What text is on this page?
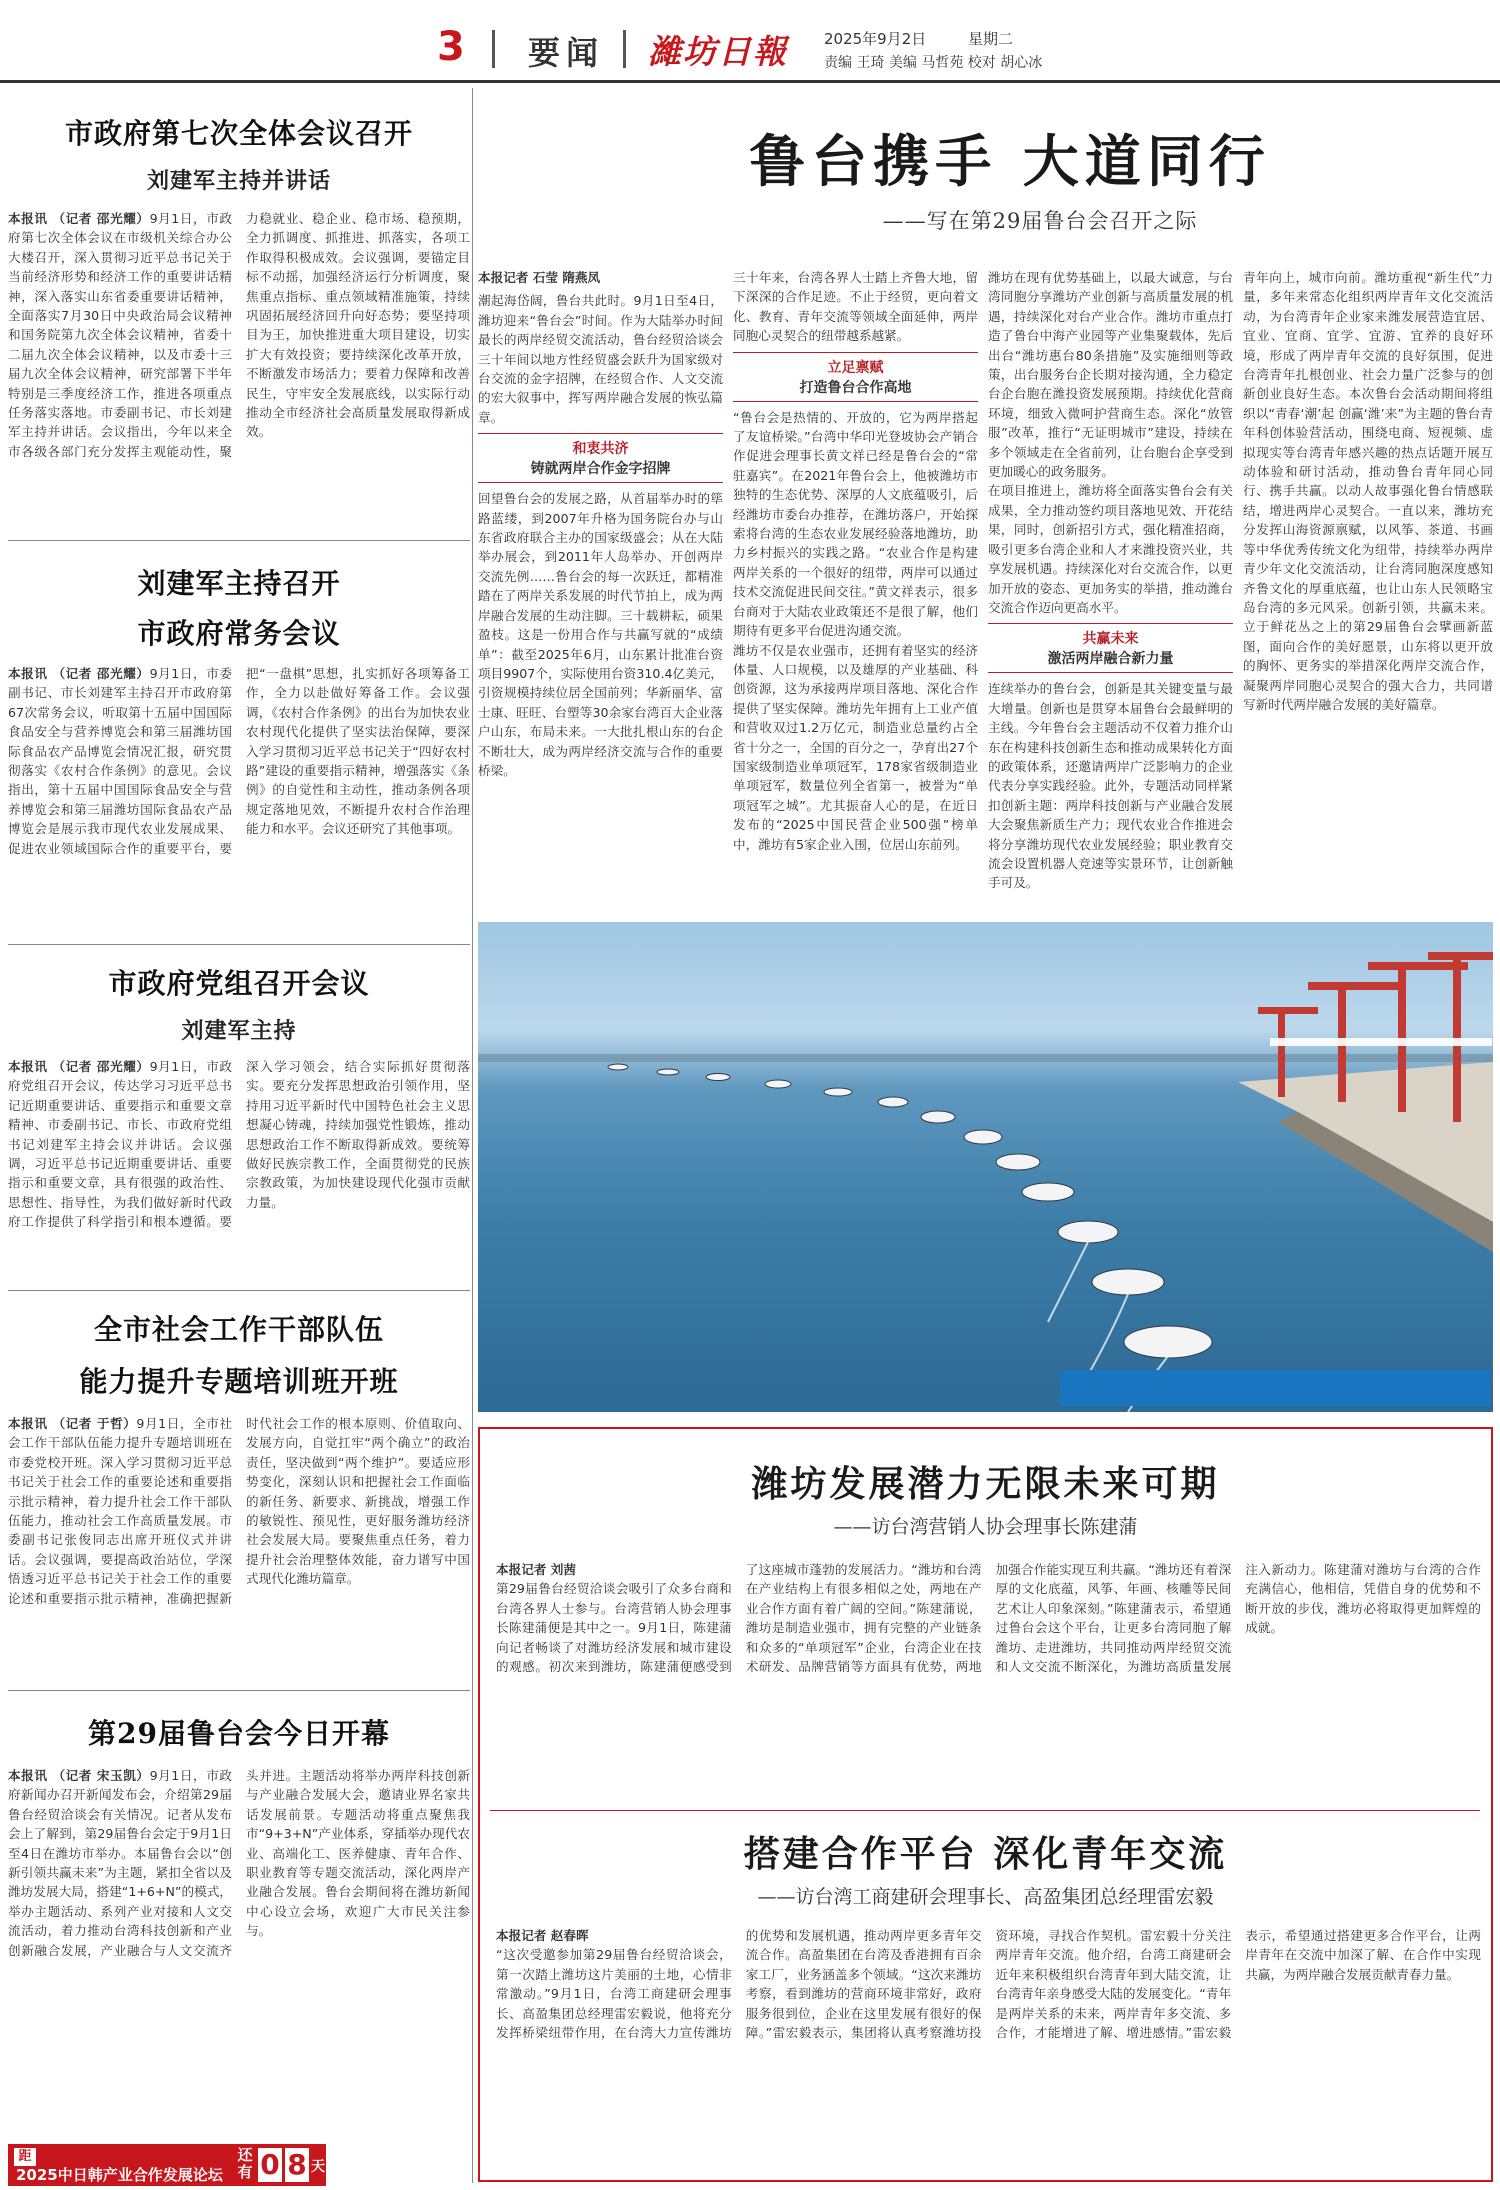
3 要闻 濰坊日報 2025年9月2日	星期二
责编 王琦 美编 马哲苑 校对 胡心冰
市政府第七次全体会议召开
刘建军主持并讲话
本报讯 （记者 邵光耀）9月1日，市政府第七次全体会议在市级机关综合办公大楼召开，深入贯彻习近平总书记关于当前经济形势和经济工作的重要讲话精神，深入落实山东省委重要讲话精神，全面落实7月30日中央政治局会议精神和国务院第九次全体会议精神，省委十二届九次全体会议精神，以及市委十三届九次全体会议精神，研究部署下半年特别是三季度经济工作，推进各项重点任务落实落地。市委副书记、市长刘建军主持并讲话。会议指出，今年以来全市各级各部门充分发挥主观能动性，聚力稳就业、稳企业、稳市场、稳预期，全力抓调度、抓推进、抓落实，各项工作取得积极成效。会议强调，要锚定目标不动摇，加强经济运行分析调度，聚焦重点指标、重点领域精准施策，持续巩固拓展经济回升向好态势；要坚持项目为王，加快推进重大项目建设，切实扩大有效投资；要持续深化改革开放，不断激发市场活力；要着力保障和改善民生，守牢安全发展底线，以实际行动推动全市经济社会高质量发展取得新成效。
刘建军主持召开
市政府常务会议
本报讯 （记者 邵光耀）9月1日，市委副书记、市长刘建军主持召开市政府第67次常务会议，听取第十五届中国国际食品安全与营养博览会和第三届潍坊国际食品农产品博览会情况汇报，研究贯彻落实《农村合作条例》的意见。会议指出，第十五届中国国际食品安全与营养博览会和第三届潍坊国际食品农产品博览会是展示我市现代农业发展成果、促进农业领域国际合作的重要平台，要把“一盘棋”思想，扎实抓好各项筹备工作，全力以赴做好筹备工作。会议强调，《农村合作条例》的出台为加快农业农村现代化提供了坚实法治保障，要深入学习贯彻习近平总书记关于“四好农村路”建设的重要指示精神，增强落实《条例》的自觉性和主动性，推动条例各项规定落地见效，不断提升农村合作治理能力和水平。会议还研究了其他事项。
市政府党组召开会议
刘建军主持
本报讯 （记者 邵光耀）9月1日，市政府党组召开会议，传达学习习近平总书记近期重要讲话、重要指示和重要文章精神、市委副书记、市长、市政府党组书记刘建军主持会议并讲话。会议强调，习近平总书记近期重要讲话、重要指示和重要文章，具有很强的政治性、思想性、指导性，为我们做好新时代政府工作提供了科学指引和根本遵循。要深入学习领会，结合实际抓好贯彻落实。要充分发挥思想政治引领作用，坚持用习近平新时代中国特色社会主义思想凝心铸魂，持续加强党性锻炼，推动思想政治工作不断取得新成效。要统筹做好民族宗教工作，全面贯彻党的民族宗教政策，为加快建设现代化强市贡献力量。
全市社会工作干部队伍
能力提升专题培训班开班
本报讯 （记者 于哲）9月1日，全市社会工作干部队伍能力提升专题培训班在市委党校开班。深入学习贯彻习近平总书记关于社会工作的重要论述和重要指示批示精神，着力提升社会工作干部队伍能力，推动社会工作高质量发展。市委副书记张俊同志出席开班仪式并讲话。会议强调，要提高政治站位，学深悟透习近平总书记关于社会工作的重要论述和重要指示批示精神，准确把握新时代社会工作的根本原则、价值取向、发展方向，自觉扛牢“两个确立”的政治责任，坚决做到“两个维护”。要适应形势变化，深刻认识和把握社会工作面临的新任务、新要求、新挑战，增强工作的敏锐性、预见性，更好服务潍坊经济社会发展大局。要聚焦重点任务，着力提升社会治理整体效能，奋力谱写中国式现代化潍坊篇章。
第29届鲁台会今日开幕
本报讯 （记者 宋玉凯）9月1日，市政府新闻办召开新闻发布会，介绍第29届鲁台经贸洽谈会有关情况。记者从发布会上了解到，第29届鲁台会定于9月1日至4日在潍坊市举办。本届鲁台会以“创新引领共赢未来”为主题，紧扣全省以及潍坊发展大局，搭建“1+6+N”的模式，举办主题活动、系列产业对接和人文交流活动，着力推动台湾科技创新和产业创新融合发展，产业融合与人文交流齐头并进。主题活动将举办两岸科技创新与产业融合发展大会，邀请业界名家共话发展前景。专题活动将重点聚焦我市“9+3+N”产业体系，穿插举办现代农业、高端化工、医养健康、青年合作、职业教育等专题交流活动，深化两岸产业融合发展。鲁台会期间将在潍坊新闻中心设立会场，欢迎广大市民关注参与。
距
2025中日韩产业合作发展论坛
还有 0 8 天
鲁台携手 大道同行
——写在第29届鲁台会召开之际
本报记者 石莹 隋燕凤
潮起海岱阔，鲁台共此时。9月1日至4日，潍坊迎来“鲁台会”时间。作为大陆举办时间最长的两岸经贸交流活动，鲁台经贸洽谈会三十年间以地方性经贸盛会跃升为国家级对台交流的金字招牌，在经贸合作、人文交流的宏大叙事中，挥写两岸融合发展的恢弘篇章。
和衷共济
铸就两岸合作金字招牌
回望鲁台会的发展之路，从首届举办时的筚路蓝缕，到2007年升格为国务院台办与山东省政府联合主办的国家级盛会；从在大陆举办展会，到2011年人岛举办、开创两岸交流先例……鲁台会的每一次跃迁，都精准踏在了两岸关系发展的时代节拍上，成为两岸融合发展的生动注脚。三十载耕耘，硕果盈枝。这是一份用合作与共赢写就的“成绩单”：截至2025年6月，山东累计批准台资项目9907个，实际使用台资310.4亿美元，引资规模持续位居全国前列；华新丽华、富士康、旺旺、台塑等30余家台湾百大企业落户山东，布局未来。一大批扎根山东的台企不断壮大，成为两岸经济交流与合作的重要桥梁。
三十年来，台湾各界人士踏上齐鲁大地，留下深深的合作足迹。不止于经贸，更向着文化、教育、青年交流等领域全面延伸，两岸同胞心灵契合的纽带越系越紧。
立足禀赋
打造鲁台合作高地
“鲁台会是热情的、开放的，它为两岸搭起了友谊桥梁。”台湾中华印光登坡协会产销合作促进会理事长黄文祥已经是鲁台会的“常驻嘉宾”。在2021年鲁台会上，他被潍坊市独特的生态优势、深厚的人文底蕴吸引，后经潍坊市委台办推荐，在潍坊落户，开始探索将台湾的生态农业发展经验落地潍坊，助力乡村振兴的实践之路。“农业合作是构建两岸关系的一个很好的纽带，两岸可以通过技术交流促进民间交往。”黄文祥表示，很多台商对于大陆农业政策还不是很了解，他们期待有更多平台促进沟通交流。
潍坊不仅是农业强市，还拥有着坚实的经济体量、人口规模，以及雄厚的产业基础、科创资源，这为承接两岸项目落地、深化合作提供了坚实保障。潍坊先年拥有上工业产值和营收双过1.2万亿元，制造业总量约占全省十分之一，全国的百分之一，孕育出27个国家级制造业单项冠军，178家省级制造业单项冠军，数量位列全省第一，被誉为“单项冠军之城”。尤其振奋人心的是，在近日发布的“2025中国民营企业500强”榜单中，潍坊有5家企业入围，位居山东前列。
潍坊在现有优势基础上，以最大诚意，与台湾同胞分享潍坊产业创新与高质量发展的机遇，持续深化对台产业合作。潍坊市重点打造了鲁台中海产业园等产业集聚载体，先后出台“潍坊惠台80条措施”及实施细则等政策，出台服务台企长期对接沟通，全力稳定台企台胞在潍投资发展预期。持续优化营商环境，细致入微呵护营商生态。深化“放管服”改革，推行“无证明城市”建设，持续在多个领域走在全省前列，让台胞台企享受到更加暖心的政务服务。
在项目推进上，潍坊将全面落实鲁台会有关成果，全力推动签约项目落地见效、开花结果，同时，创新招引方式，强化精准招商，吸引更多台湾企业和人才来潍投资兴业，共享发展机遇。持续深化对台交流合作，以更加开放的姿态、更加务实的举措，推动潍台交流合作迈向更高水平。
共赢未来
激活两岸融合新力量
连续举办的鲁台会，创新是其关键变量与最大增量。创新也是贯穿本届鲁台会最鲜明的主线。今年鲁台会主题活动不仅着力推介山东在构建科技创新生态和推动成果转化方面的政策体系，还邀请两岸广泛影响力的企业代表分享实践经验。此外，专题活动同样紧扣创新主题：两岸科技创新与产业融合发展大会聚焦新质生产力；现代农业合作推进会将分享潍坊现代农业发展经验；职业教育交流会设置机器人竞速等实景环节，让创新触手可及。
青年向上，城市向前。潍坊重视“新生代”力量，多年来常态化组织两岸青年文化交流活动，为台湾青年企业家来潍发展营造宜居、宜业、宜商、宜学、宜游、宜养的良好环境，形成了两岸青年交流的良好氛围，促进台湾青年扎根创业、社会力量广泛参与的创新创业良好生态。本次鲁台会活动期间将组织以“青春‘潮’起 创赢‘潍’来”为主题的鲁台青年科创体验营活动，围绕电商、短视频、虚拟现实等台湾青年感兴趣的热点话题开展互动体验和研讨活动，推动鲁台青年同心同行、携手共赢。以动人故事强化鲁台情感联结，增进两岸心灵契合。一直以来，潍坊充分发挥山海资源禀赋，以风筝、茶道、书画等中华优秀传统文化为纽带，持续举办两岸青少年文化交流活动，让台湾同胞深度感知齐鲁文化的厚重底蕴，也让山东人民领略宝岛台湾的多元风采。创新引领，共赢未来。立于鲜花丛之上的第29届鲁台会擘画新蓝图，面向合作的美好愿景，山东将以更开放的胸怀、更务实的举措深化两岸交流合作，凝聚两岸同胞心灵契合的强大合力，共同谱写新时代两岸融合发展的美好篇章。
潍坊发展潜力无限未来可期
——访台湾营销人协会理事长陈建蒲
本报记者 刘茜
第29届鲁台经贸洽谈会吸引了众多台商和台湾各界人士参与。台湾营销人协会理事长陈建蒲便是其中之一。9月1日，陈建蒲向记者畅谈了对潍坊经济发展和城市建设的观感。初次来到潍坊，陈建蒲便感受到了这座城市蓬勃的发展活力。“潍坊和台湾在产业结构上有很多相似之处，两地在产业合作方面有着广阔的空间。”陈建蒲说，潍坊是制造业强市，拥有完整的产业链条和众多的“单项冠军”企业，台湾企业在技术研发、品牌营销等方面具有优势，两地加强合作能实现互利共赢。“潍坊还有着深厚的文化底蕴，风筝、年画、核雕等民间艺术让人印象深刻。”陈建蒲表示，希望通过鲁台会这个平台，让更多台湾同胞了解潍坊、走进潍坊，共同推动两岸经贸交流和人文交流不断深化，为潍坊高质量发展注入新动力。陈建蒲对潍坊与台湾的合作充满信心，他相信，凭借自身的优势和不断开放的步伐，潍坊必将取得更加辉煌的成就。
搭建合作平台 深化青年交流
——访台湾工商建研会理事长、高盈集团总经理雷宏毅
本报记者 赵春晖
“这次受邀参加第29届鲁台经贸洽谈会，第一次踏上潍坊这片美丽的土地，心情非常激动。”9月1日，台湾工商建研会理事长、高盈集团总经理雷宏毅说，他将充分发挥桥梁纽带作用，在台湾大力宣传潍坊的优势和发展机遇，推动两岸更多青年交流合作。高盈集团在台湾及香港拥有百余家工厂，业务涵盖多个领域。“这次来潍坊考察，看到潍坊的营商环境非常好，政府服务很到位，企业在这里发展有很好的保障。”雷宏毅表示，集团将认真考察潍坊投资环境，寻找合作契机。雷宏毅十分关注两岸青年交流。他介绍，台湾工商建研会近年来积极组织台湾青年到大陆交流，让台湾青年亲身感受大陆的发展变化。“青年是两岸关系的未来，两岸青年多交流、多合作，才能增进了解、增进感情。”雷宏毅表示，希望通过搭建更多合作平台，让两岸青年在交流中加深了解、在合作中实现共赢，为两岸融合发展贡献青春力量。
